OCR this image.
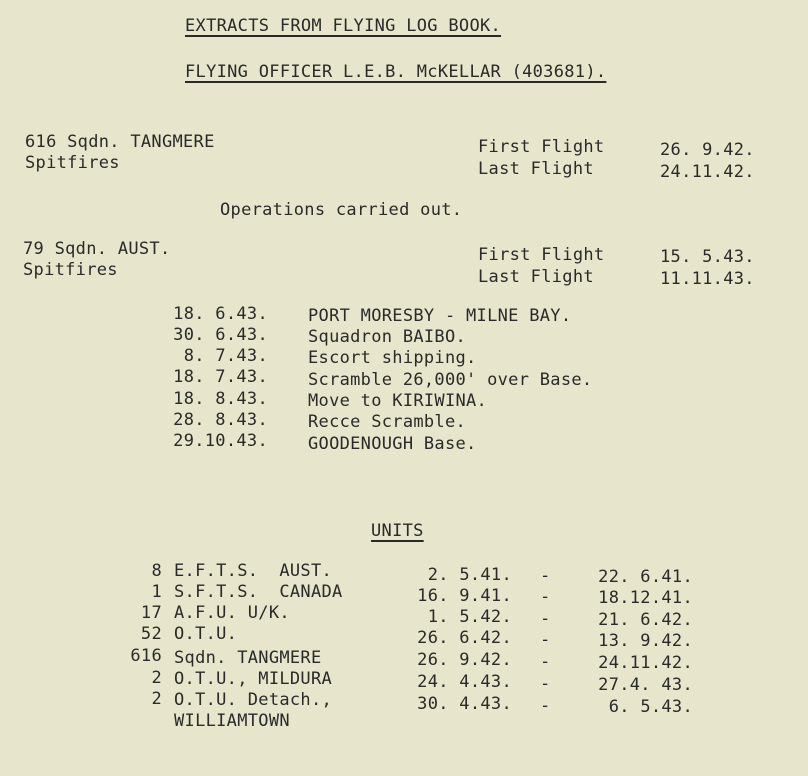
EXTRACTS FROM FLYING LOG BOOK.
FLYING OFFICER L.E.B. McKELLAR (403681).
616 Sqdn. TANGMERE
Spitfires
First Flight	26. 9.42.
Last Flight	24.11.42.
Operations carried out.
79 Sqdn. AUST.
Spitfires
First Flight	15. 5.43.
Last Flight	11.11.43.
18. 6.43. PORT MORESBY - MILNE BAY.
30. 6.43. Squadron BAIBO.
8. 7.43. Escort shipping.
18. 7.43. Scramble 26,000' over Base.
18. 8.43. Move to KIRIWINA.
28. 8.43. Recce Scramble.
29.10.43. GOODENOUGH Base.
UNITS
8 E.F.T.S.  AUST.	2. 5.41. -	22. 6.41.
1 S.F.T.S.  CANADA	16. 9.41. -	18.12.41.
17 A.F.U. U/K.	1. 5.42. -	21. 6.42.
52 O.T.U.	26. 6.42. -	13. 9.42.
616 Sqdn. TANGMERE	26. 9.42. -	24.11.42.
2 O.T.U., MILDURA	24. 4.43. -	27.4. 43.
2 O.T.U. Detach.,	30. 4.43. -	6. 5.43.
WILLIAMTOWN
